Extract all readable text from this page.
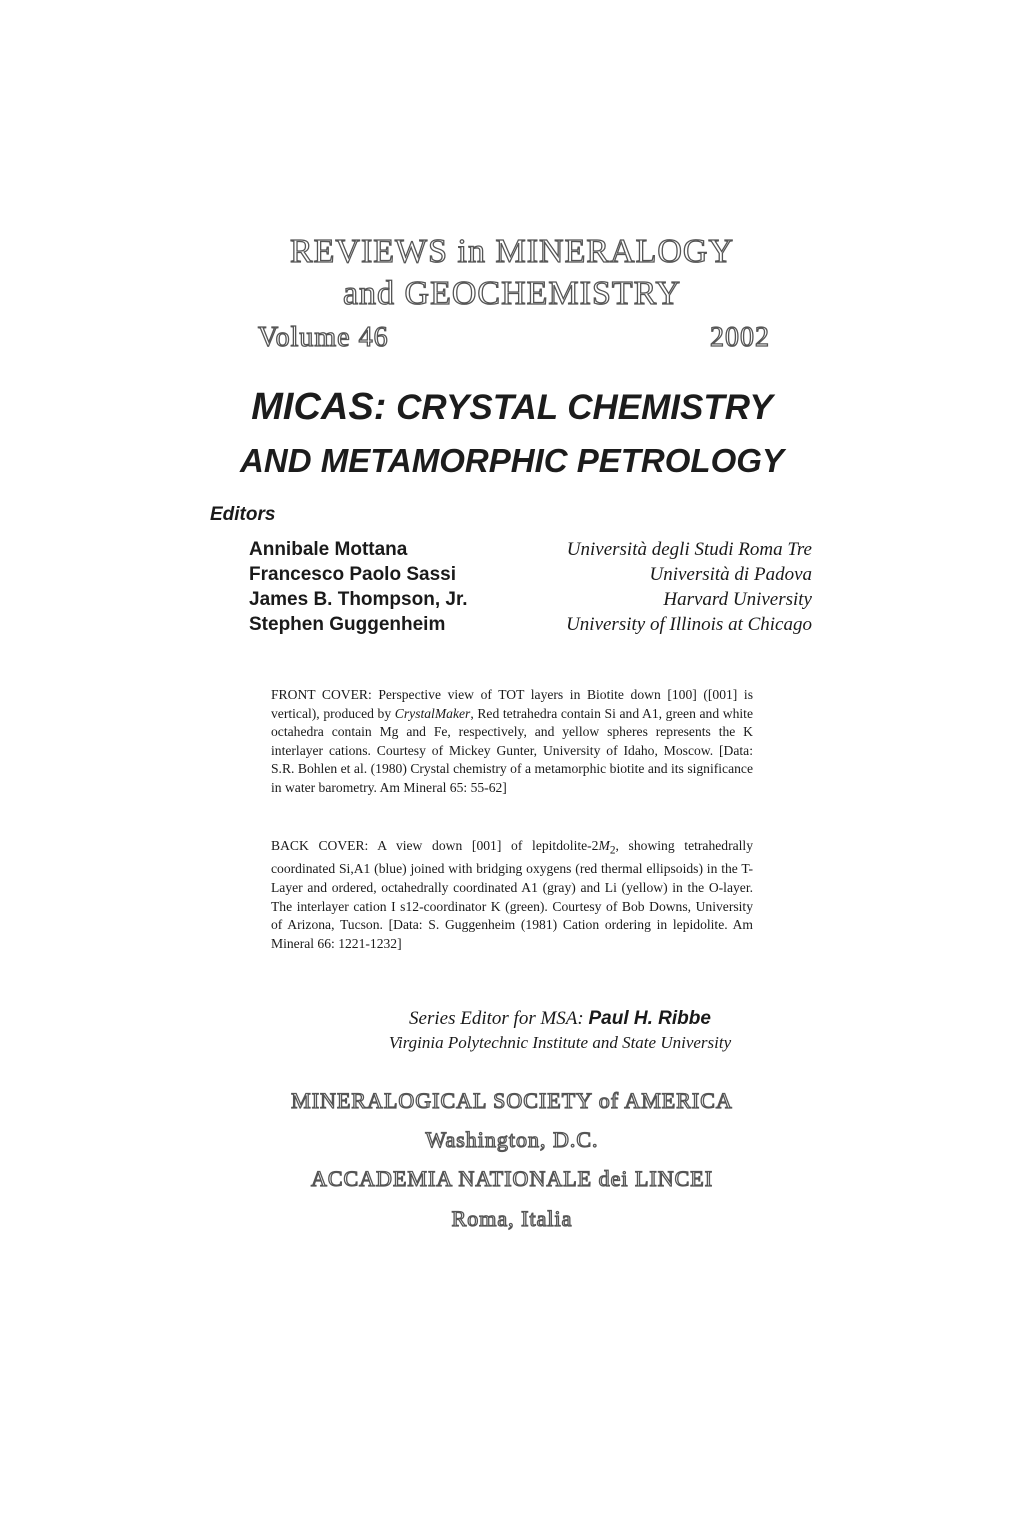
REVIEWS in MINERALOGY
and GEOCHEMISTRY
Volume 46	2002
MICAS: CRYSTAL CHEMISTRY
AND METAMORPHIC PETROLOGY
Editors
Annibale Mottana	Università degli Studi Roma Tre
Francesco Paolo Sassi	Università di Padova
James B. Thompson, Jr.	Harvard University
Stephen Guggenheim	University of Illinois at Chicago
FRONT COVER: Perspective view of TOT layers in Biotite down [100] ([001] is vertical), produced by CrystalMaker, Red tetrahedra contain Si and A1, green and white octahedra contain Mg and Fe, respectively, and yellow spheres represents the K interlayer cations. Courtesy of Mickey Gunter, University of Idaho, Moscow. [Data: S.R. Bohlen et al. (1980) Crystal chemistry of a metamorphic biotite and its significance in water barometry. Am Mineral 65: 55-62]
BACK COVER: A view down [001] of lepitdolite-$2M_2$, showing tetrahedrally coordinated Si,A1 (blue) joined with bridging oxygens (red thermal ellipsoids) in the T-Layer and ordered, octahedrally coordinated A1 (gray) and Li (yellow) in the O-layer. The interlayer cation I s12-coordinator K (green). Courtesy of Bob Downs, University of Arizona, Tucson. [Data: S. Guggenheim (1981) Cation ordering in lepidolite. Am Mineral 66: 1221-1232]
Series Editor for MSA: Paul H. Ribbe
Virginia Polytechnic Institute and State University
MINERALOGICAL SOCIETY of AMERICA
Washington, D.C.
ACCADEMIA NATIONALE dei LINCEI
Roma, Italia
